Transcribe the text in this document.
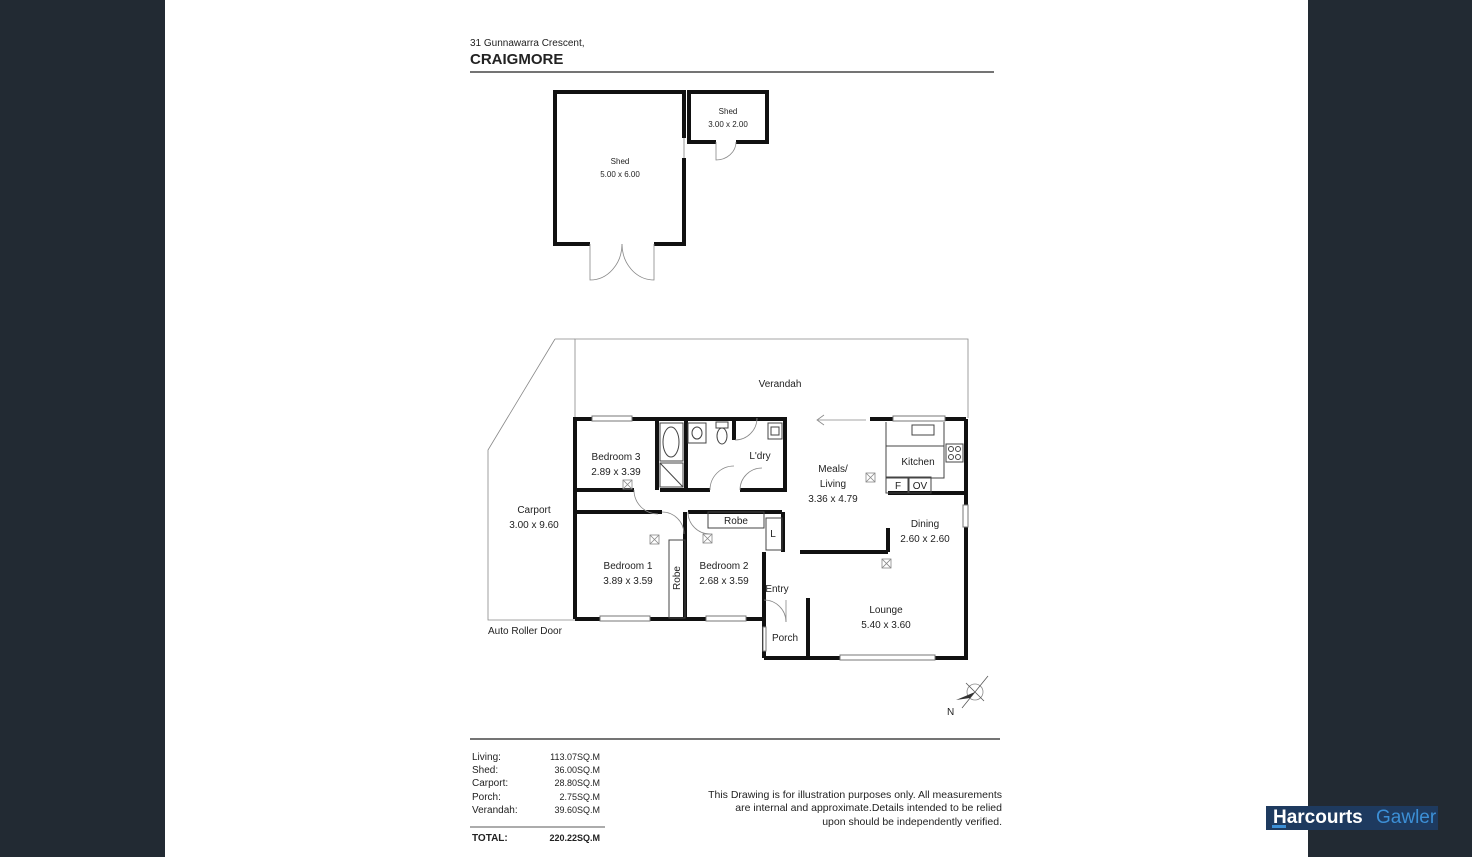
31 Gunnawarra Crescent,
CRAIGMORE
Shed
5.00 x 6.00
Shed
3.00 x 2.00
Verandah
Carport
3.00 x 9.60
Auto Roller Door
Bedroom 3
2.89 x 3.39
L'dry
Meals/
Living
3.36 x 4.79
Kitchen
F OV
Dining
2.60 x 2.60
Bedroom 1
3.89 x 3.59
Bedroom 2
2.68 x 3.59
Robe
Robe
L
Entry
Porch
Lounge
5.40 x 3.60
N
Living:	113.07SQ.M
Shed:	36.00SQ.M
Carport:	28.80SQ.M
Porch:	2.75SQ.M
Verandah:	39.60SQ.M
TOTAL:	220.22SQ.M
This Drawing is for illustration purposes only. All measurements
are internal and approximate.Details intended to be relied
upon should be independently verified.	Harcourts Gawler
